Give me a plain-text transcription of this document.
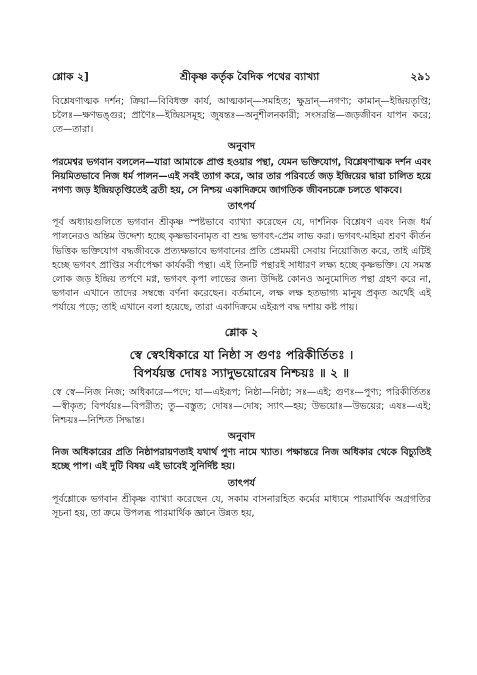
শ্লোক ২]	শ্রীকৃষ্ণ কর্তৃক বৈদিক পথের ব্যাখ্যা	২৯১

বিশ্লেষণাত্মক দর্শন; ক্রিয়া—বিবিধক্ত কার্য, আত্মকান্—সমহিত; ক্ষুদ্রান্—নগণ্য; কামান্—ইন্দ্রিয়তৃপ্তি; চলৈঃ—ক্ষণভঙ্গুর; প্রাণৈঃ—ইন্দ্রিয়সমূহ; জুষন্তঃ—অনুশীলনকারী; সংসরন্তি—জড়জীবন যাপন করে; তে—তারা।

অনুবাদ

পরমেশ্বর ভগবান বললেন—যারা আমাকে প্রাপ্ত হওয়ার পন্থা, যেমন ভক্তিযোগ, বিশ্লেষণাত্মক দর্শন এবং নিয়মিতভাবে নিজ ধর্ম পালন—এই সবই ত্যাগ করে, আর তার পরিবর্তে জড় ইন্দ্রিয়ের দ্বারা চালিত হয়ে নগণ্য জড় ইন্দ্রিয়তৃপ্তিতেই ব্রতী হয়, সে নিশ্চয় একাদিক্রমে জাগতিক জীবনচক্রে চলতে থাকবে।

তাৎপর্য

পূর্ব অধ্যায়গুলিতে ভগবান শ্রীকৃষ্ণ স্পষ্টভাবে ব্যাখ্যা করেছেন যে, দার্শনিক বিশ্লেষণ এবং নিজ ধর্ম পালনেরও অন্তিম উদ্দেশ্য হচ্ছে কৃষ্ণভাবনামৃত বা শুদ্ধ ভগবৎ-প্রেম লাভ করা। ভগবৎ-মহিমা শ্রবণ কীর্তন ভিত্তিক ভক্তিযোগ বদ্ধজীবকে প্রত্যক্ষভাবে ভগবানের প্রতি প্রেমময়ী সেবায় নিয়োজিত করে, তাই এটিই হচ্ছে ভগবৎ প্রাপ্তির সর্বাপেক্ষা কার্যকরী পন্থা। এই তিনটি পন্থারই সাধারণ লক্ষ্য হচ্ছে কৃষ্ণভক্তি। যে সমস্ত লোক জড় ইন্দ্রিয় তর্পণে মগ্ন, ভগবৎ কৃপা লাভের জন্য উদ্দিষ্ট কোনও অনুমোদিত পন্থা গ্রহণ করে না, ভগবান এখানে তাদের সম্বন্ধে বর্ণনা করেছেন। বর্তমানে, লক্ষ লক্ষ হতভাগ্য মানুষ প্রকৃত অর্থেই এই পর্যায়ে পড়ে; তাই এখানে বলা হয়েছে, তারা একাদিক্রমে এইরূপ বদ্ধ দশায় কষ্ট পায়।

শ্লোক ২
স্বে স্বেঽধিকারে যা নিষ্ঠা স গুণঃ পরিকীর্তিতঃ ।
বিপর্যয়স্ত দোষঃ স্যাদুভয়োরেষ নিশ্চয়ঃ ॥ ২ ॥

স্বে স্বে—নিজ নিজ; অধিকারে—পদে; যা—এইরূপ; নিষ্ঠা—নিষ্ঠা; সঃ—এই; গুণঃ—পুণ্য; পরিকীর্তিতঃ—স্বীকৃত; বিপর্যয়ঃ—বিপরীত; তু—বস্তুত; দোষঃ—দোষ; স্যাৎ—হয়; উভয়োঃ—উভয়ের; এষঃ—এই; নিশ্চয়ঃ—নিশ্চিত সিদ্ধান্ত।

অনুবাদ

নিজ অধিকারের প্রতি নিষ্ঠাপরায়ণতাই যথার্থ পুণ্য নামে খ্যাত। পক্ষান্তরে নিজ অধিকার থেকে বিচ্যুতিই হচ্ছে পাপ। এই দুটি বিষয় এই ভাবেই সুনির্দিষ্ট হয়।

তাৎপর্য

পূর্বশ্লোকে ভগবান শ্রীকৃষ্ণ ব্যাখ্যা করেছেন যে, সকাম বাসনারহিত কর্মের মাধ্যমে পারমার্থিক অগ্রগতির সূচনা হয়, তা ক্রমে উপলব্ধ পারমার্থিক জ্ঞানে উন্নত হয়,
